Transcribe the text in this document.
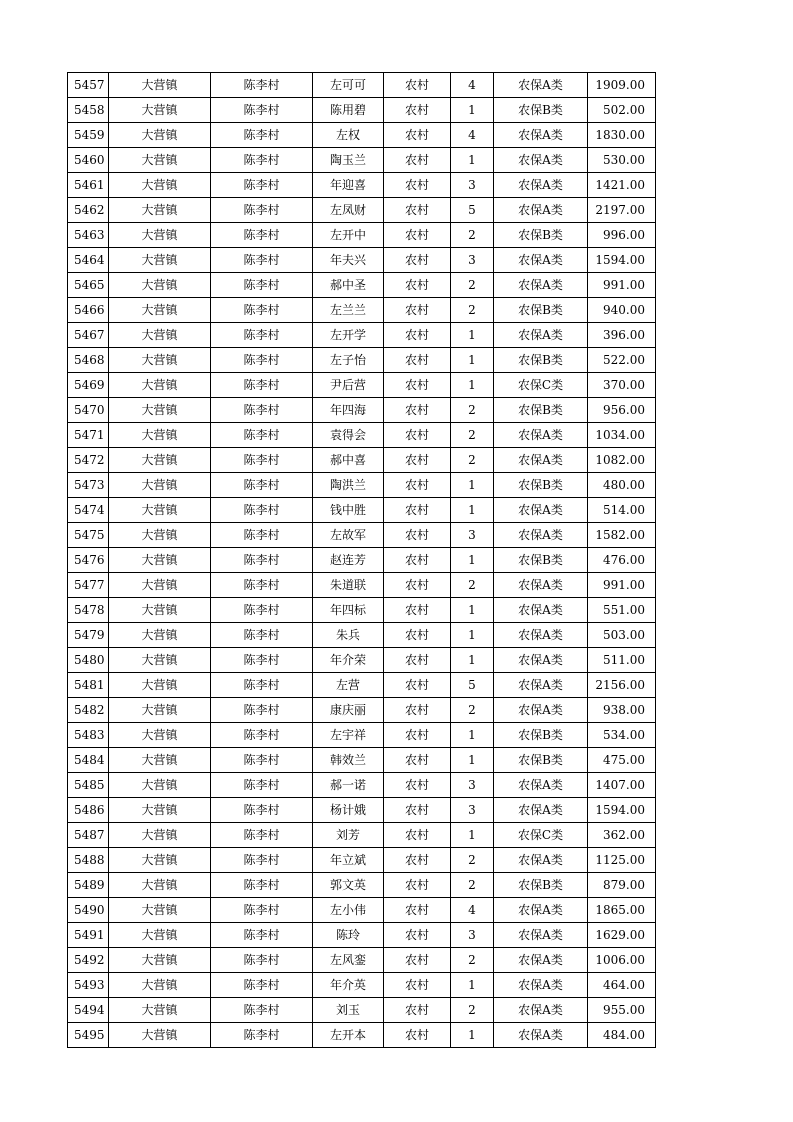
5457	大营镇	陈李村	左可可	农村	4	农保A类	1909.00
5458	大营镇	陈李村	陈用碧	农村	1	农保B类	502.00
5459	大营镇	陈李村	左权	农村	4	农保A类	1830.00
5460	大营镇	陈李村	陶玉兰	农村	1	农保A类	530.00
5461	大营镇	陈李村	年迎喜	农村	3	农保A类	1421.00
5462	大营镇	陈李村	左凤财	农村	5	农保A类	2197.00
5463	大营镇	陈李村	左开中	农村	2	农保B类	996.00
5464	大营镇	陈李村	年夫兴	农村	3	农保A类	1594.00
5465	大营镇	陈李村	郝中圣	农村	2	农保A类	991.00
5466	大营镇	陈李村	左兰兰	农村	2	农保B类	940.00
5467	大营镇	陈李村	左开学	农村	1	农保A类	396.00
5468	大营镇	陈李村	左子怡	农村	1	农保B类	522.00
5469	大营镇	陈李村	尹后营	农村	1	农保C类	370.00
5470	大营镇	陈李村	年四海	农村	2	农保B类	956.00
5471	大营镇	陈李村	袁得会	农村	2	农保A类	1034.00
5472	大营镇	陈李村	郝中喜	农村	2	农保A类	1082.00
5473	大营镇	陈李村	陶洪兰	农村	1	农保B类	480.00
5474	大营镇	陈李村	钱中胜	农村	1	农保A类	514.00
5475	大营镇	陈李村	左故军	农村	3	农保A类	1582.00
5476	大营镇	陈李村	赵连芳	农村	1	农保B类	476.00
5477	大营镇	陈李村	朱道联	农村	2	农保A类	991.00
5478	大营镇	陈李村	年四标	农村	1	农保A类	551.00
5479	大营镇	陈李村	朱兵	农村	1	农保A类	503.00
5480	大营镇	陈李村	年介荣	农村	1	农保A类	511.00
5481	大营镇	陈李村	左营	农村	5	农保A类	2156.00
5482	大营镇	陈李村	康庆丽	农村	2	农保A类	938.00
5483	大营镇	陈李村	左宇祥	农村	1	农保B类	534.00
5484	大营镇	陈李村	韩效兰	农村	1	农保B类	475.00
5485	大营镇	陈李村	郝一诺	农村	3	农保A类	1407.00
5486	大营镇	陈李村	杨计娥	农村	3	农保A类	1594.00
5487	大营镇	陈李村	刘芳	农村	1	农保C类	362.00
5488	大营镇	陈李村	年立斌	农村	2	农保A类	1125.00
5489	大营镇	陈李村	郭文英	农村	2	农保B类	879.00
5490	大营镇	陈李村	左小伟	农村	4	农保A类	1865.00
5491	大营镇	陈李村	陈玲	农村	3	农保A类	1629.00
5492	大营镇	陈李村	左风銮	农村	2	农保A类	1006.00
5493	大营镇	陈李村	年介英	农村	1	农保A类	464.00
5494	大营镇	陈李村	刘玉	农村	2	农保A类	955.00
5495	大营镇	陈李村	左开本	农村	1	农保A类	484.00
